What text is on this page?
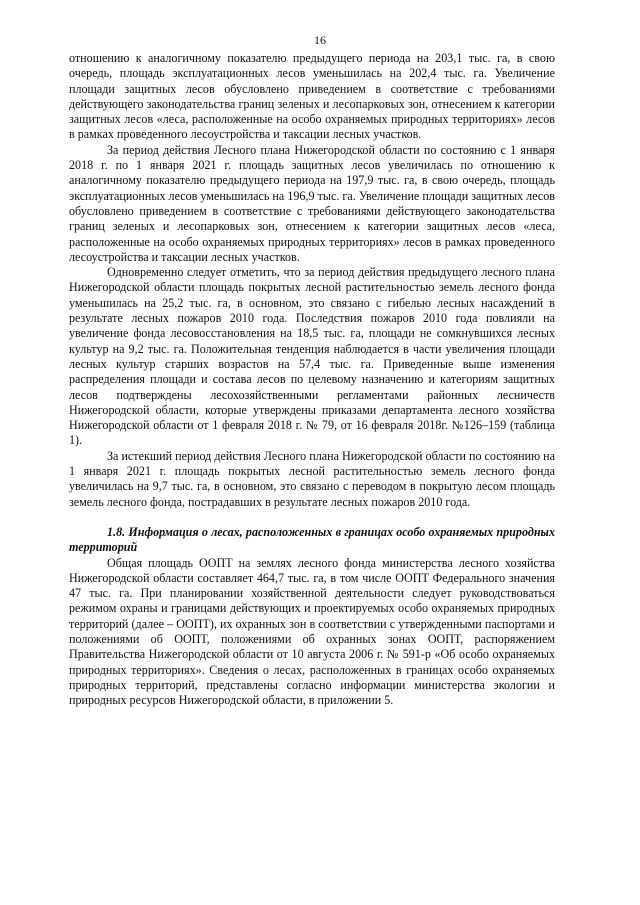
16

отношению к аналогичному показателю предыдущего периода на 203,1 тыс. га, в свою очередь, площадь эксплуатационных лесов уменьшилась на 202,4 тыс. га. Увеличение площади защитных лесов обусловлено приведением в соответствие с требованиями действующего законодательства границ зеленых и лесопарковых зон, отнесением к категории защитных лесов «леса, расположенные на особо охраняемых природных территориях» лесов в рамках проведенного лесоустройства и таксации лесных участков.

За период действия Лесного плана Нижегородской области по состоянию с 1 января 2018 г. по 1 января 2021 г. площадь защитных лесов увеличилась по отношению к аналогичному показателю предыдущего периода на 197,9 тыс. га, в свою очередь, площадь эксплуатационных лесов уменьшилась на 196,9 тыс. га. Увеличение площади защитных лесов обусловлено приведением в соответствие с требованиями действующего законодательства границ зеленых и лесопарковых зон, отнесением к категории защитных лесов «леса, расположенные на особо охраняемых природных территориях» лесов в рамках проведенного лесоустройства и таксации лесных участков.

Одновременно следует отметить, что за период действия предыдущего лесного плана Нижегородской области площадь покрытых лесной растительностью земель лесного фонда уменьшилась на 25,2 тыс. га, в основном, это связано с гибелью лесных насаждений в результате лесных пожаров 2010 года. Последствия пожаров 2010 года повлияли на увеличение фонда лесовосстановления на 18,5 тыс. га, площади не сомкнувшихся лесных культур на 9,2 тыс. га. Положительная тенденция наблюдается в части увеличения площади лесных культур старших возрастов на 57,4 тыс. га. Приведенные выше изменения распределения площади и состава лесов по целевому назначению и категориям защитных лесов подтверждены лесохозяйственными регламентами районных лесничеств Нижегородской области, которые утверждены приказами департамента лесного хозяйства Нижегородской области от 1 февраля 2018 г. № 79, от 16 февраля 2018г. №126–159 (таблица 1).

За истекший период действия Лесного плана Нижегородской области по состоянию на 1 января 2021 г. площадь покрытых лесной растительностью земель лесного фонда увеличилась на 9,7 тыс. га, в основном, это связано с переводом в покрытую лесом площадь земель лесного фонда, пострадавших в результате лесных пожаров 2010 года.

1.8. Информация о лесах, расположенных в границах особо охраняемых природных территорий

Общая площадь ООПТ на землях лесного фонда министерства лесного хозяйства Нижегородской области составляет 464,7 тыс. га, в том числе ООПТ Федерального значения 47 тыс. га. При планировании хозяйственной деятельности следует руководствоваться режимом охраны и границами действующих и проектируемых особо охраняемых природных территорий (далее – ООПТ), их охранных зон в соответствии с утвержденными паспортами и положениями об ООПТ, положениями об охранных зонах ООПТ, распоряжением Правительства Нижегородской области от 10 августа 2006 г. № 591-р «Об особо охраняемых природных территориях». Сведения о лесах, расположенных в границах особо охраняемых природных территорий, представлены согласно информации министерства экологии и природных ресурсов Нижегородской области, в приложении 5.
